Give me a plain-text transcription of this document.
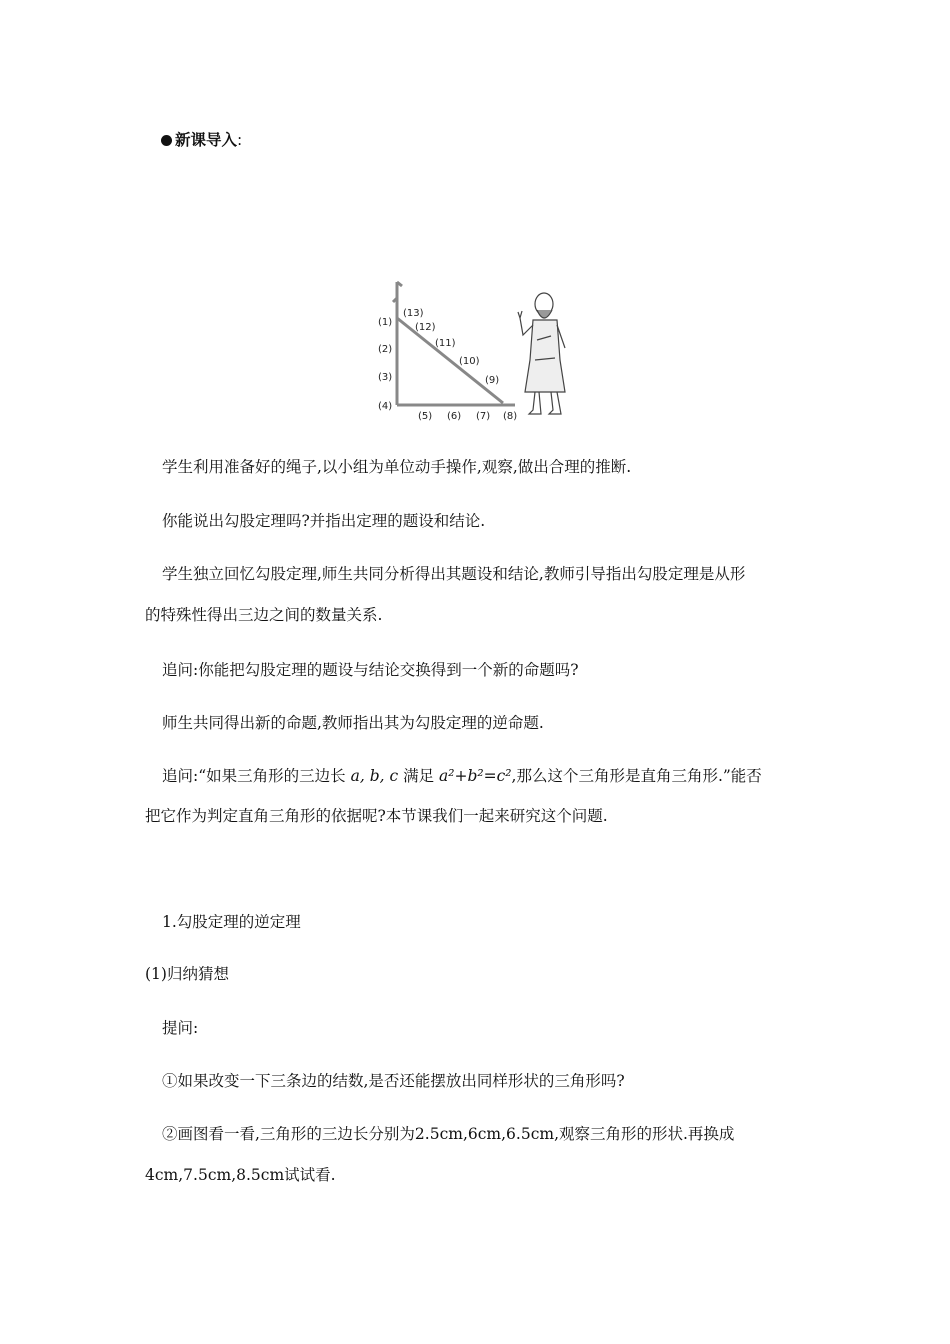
新课导入:
(1)
(2)
(3)
(4)
(5) (6) (7) (8)
(9)
(10)
(11)
(12)
(13)
学生利用准备好的绳子,以小组为单位动手操作,观察,做出合理的推断.
你能说出勾股定理吗?并指出定理的题设和结论.
学生独立回忆勾股定理,师生共同分析得出其题设和结论,教师引导指出勾股定理是从形
的特殊性得出三边之间的数量关系.
追问:你能把勾股定理的题设与结论交换得到一个新的命题吗?
师生共同得出新的命题,教师指出其为勾股定理的逆命题.
追问:“如果三角形的三边长 a, b, c 满足 a²+b²=c²,那么这个三角形是直角三角形.”能否
把它作为判定直角三角形的依据呢?本节课我们一起来研究这个问题.
1.勾股定理的逆定理
(1)归纳猜想
提问:
①如果改变一下三条边的结数,是否还能摆放出同样形状的三角形吗?
②画图看一看,三角形的三边长分别为2.5cm,6cm,6.5cm,观察三角形的形状.再换成
4cm,7.5cm,8.5cm试试看.
